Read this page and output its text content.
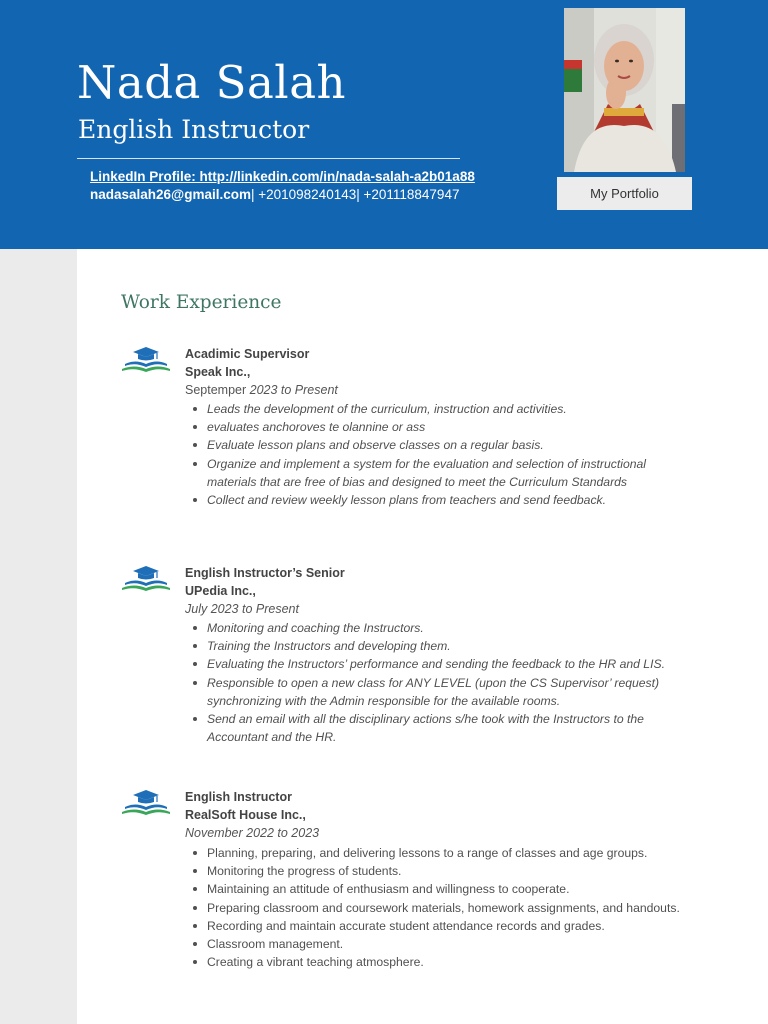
Nada Salah
English Instructor
LinkedIn Profile: http://linkedin.com/in/nada-salah-a2b01a88
nadasalah26@gmail.com| +201098240143| +201118847947	My Portfolio
Work Experience
Acadimic Supervisor
Speak Inc.,
Septemper 2023 to Present
Leads the development of the curriculum, instruction and activities.
evaluates anchoroves te olannine or ass
Evaluate lesson plans and observe classes on a regular basis.
Organize and implement a system for the evaluation and selection of instructional materials that are free of bias and designed to meet the Curriculum Standards
Collect and review weekly lesson plans from teachers and send feedback.
English Instructor’s Senior
UPedia Inc.,
July 2023 to Present
Monitoring and coaching the Instructors.
Training the Instructors and developing them.
Evaluating the Instructors’ performance and sending the feedback to the HR and LIS.
Responsible to open a new class for ANY LEVEL (upon the CS Supervisor’ request) synchronizing with the Admin responsible for the available rooms.
Send an email with all the disciplinary actions s/he took with the Instructors to the Accountant and the HR.
English Instructor
RealSoft House Inc.,
November 2022 to 2023
Planning, preparing, and delivering lessons to a range of classes and age groups.
Monitoring the progress of students.
Maintaining an attitude of enthusiasm and willingness to cooperate.
Preparing classroom and coursework materials, homework assignments, and handouts.
Recording and maintain accurate student attendance records and grades.
Classroom management.
Creating a vibrant teaching atmosphere.
